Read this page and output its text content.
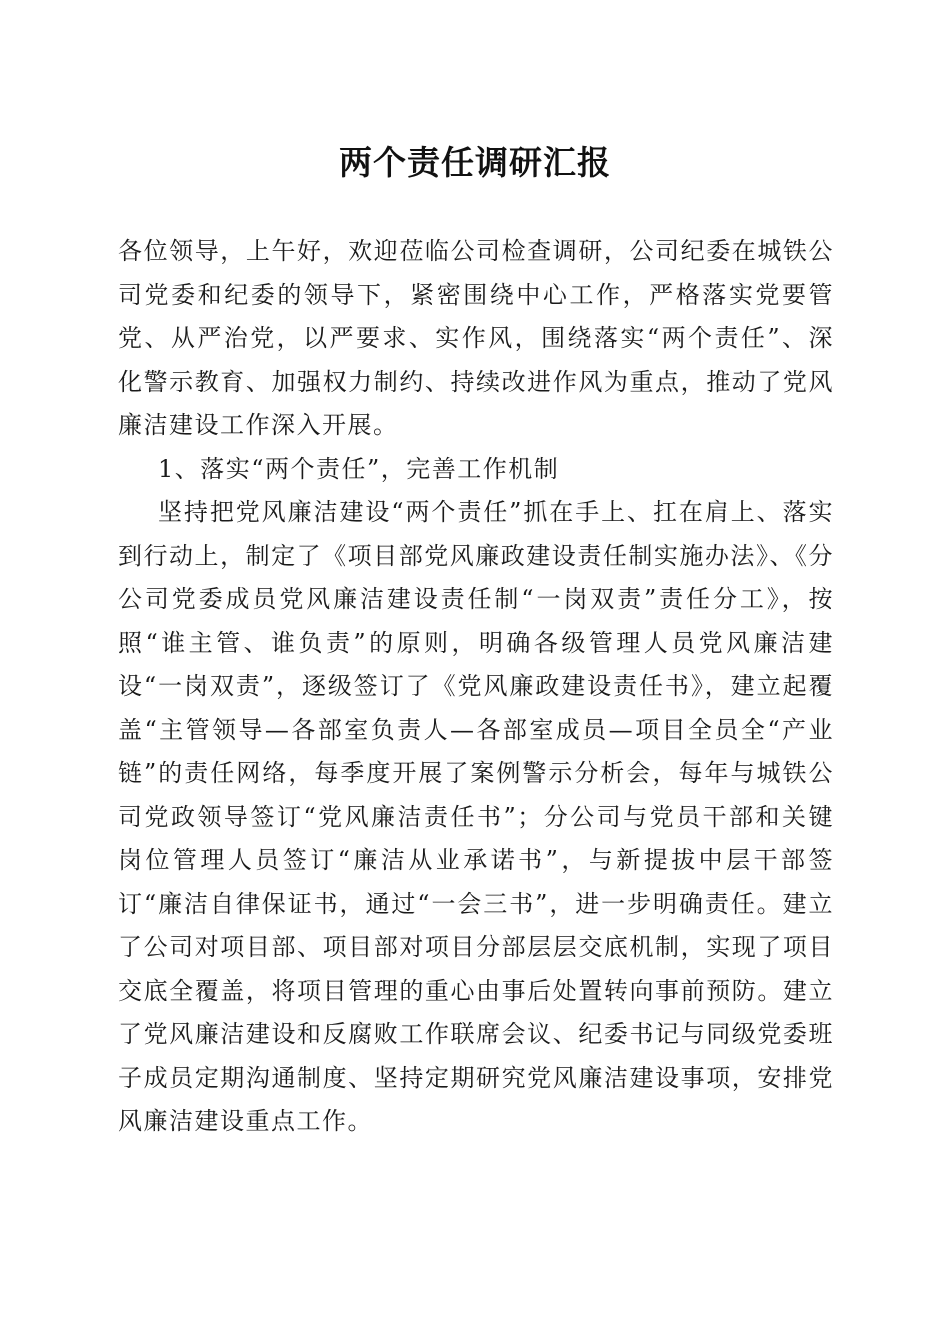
两个责任调研汇报

各位领导，上午好，欢迎莅临公司检查调研，公司纪委在城铁公司党委和纪委的领导下，紧密围绕中心工作，严格落实党要管党、从严治党，以严要求、实作风，围绕落实“两个责任”、深化警示教育、加强权力制约、持续改进作风为重点，推动了党风廉洁建设工作深入开展。

1、落实“两个责任”，完善工作机制

坚持把党风廉洁建设“两个责任”抓在手上、扛在肩上、落实到行动上，制定了《项目部党风廉政建设责任制实施办法》、《分公司党委成员党风廉洁建设责任制“一岗双责”责任分工》，按照“谁主管、谁负责”的原则，明确各级管理人员党风廉洁建设“一岗双责”，逐级签订了《党风廉政建设责任书》，建立起覆盖“主管领导—各部室负责人—各部室成员—项目全员全“产业链”的责任网络，每季度开展了案例警示分析会，每年与城铁公司党政领导签订“党风廉洁责任书”；分公司与党员干部和关键岗位管理人员签订“廉洁从业承诺书”，与新提拔中层干部签订“廉洁自律保证书，通过“一会三书”，进一步明确责任。建立了公司对项目部、项目部对项目分部层层交底机制，实现了项目交底全覆盖，将项目管理的重心由事后处置转向事前预防。建立了党风廉洁建设和反腐败工作联席会议、纪委书记与同级党委班子成员定期沟通制度、坚持定期研究党风廉洁建设事项，安排党风廉洁建设重点工作。
